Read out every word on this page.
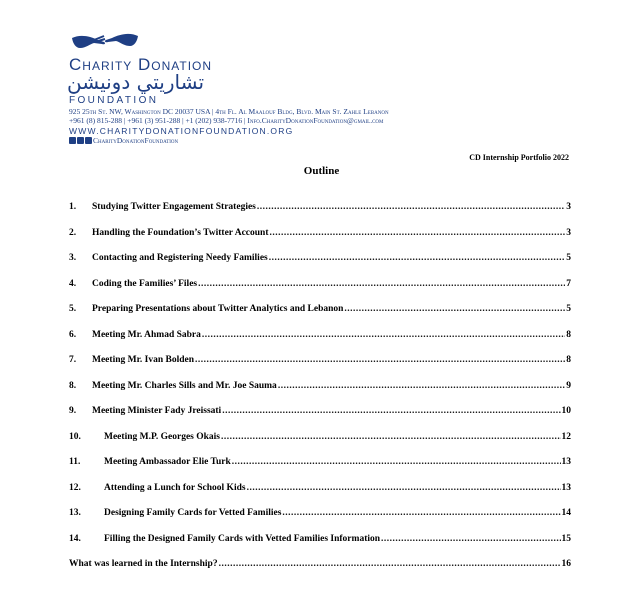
Charity Donation
تشاريتي دونيشن
FOUNDATION
925 25th St. NW, Washington DC 20037 USA | 4th Fl. Al Maalouf Bldg, Blvd. Main St. Zahle Lebanon
+961 (8) 815-288 | +961 (3) 951-288 | +1 (202) 938-7716 | Info.CharityDonationFoundation@gmail.com
WWW.CHARITYDONATIONFOUNDATION.ORG
CharityDonationFoundation
CD Internship Portfolio 2022
Outline
1.	Studying Twitter Engagement Strategies .....	3
2.	Handling the Foundation’s Twitter Account .....	3
3.	Contacting and Registering Needy Families .....	5
4.	Coding the Families’ Files .....	7
5.	Preparing Presentations about Twitter Analytics and Lebanon .....	5
6.	Meeting Mr. Ahmad Sabra .....	8
7.	Meeting Mr. Ivan Bolden .....	8
8.	Meeting Mr. Charles Sills and Mr. Joe Sauma .....	9
9.	Meeting Minister Fady Jreissati .....	10
10.	Meeting M.P. Georges Okais .....	12
11.	Meeting Ambassador Elie Turk .....	13
12.	Attending a Lunch for School Kids .....	13
13.	Designing Family Cards for Vetted Families .....	14
14.	Filling the Designed Family Cards with Vetted Families Information .....	15
What was learned in the Internship? .....	16
